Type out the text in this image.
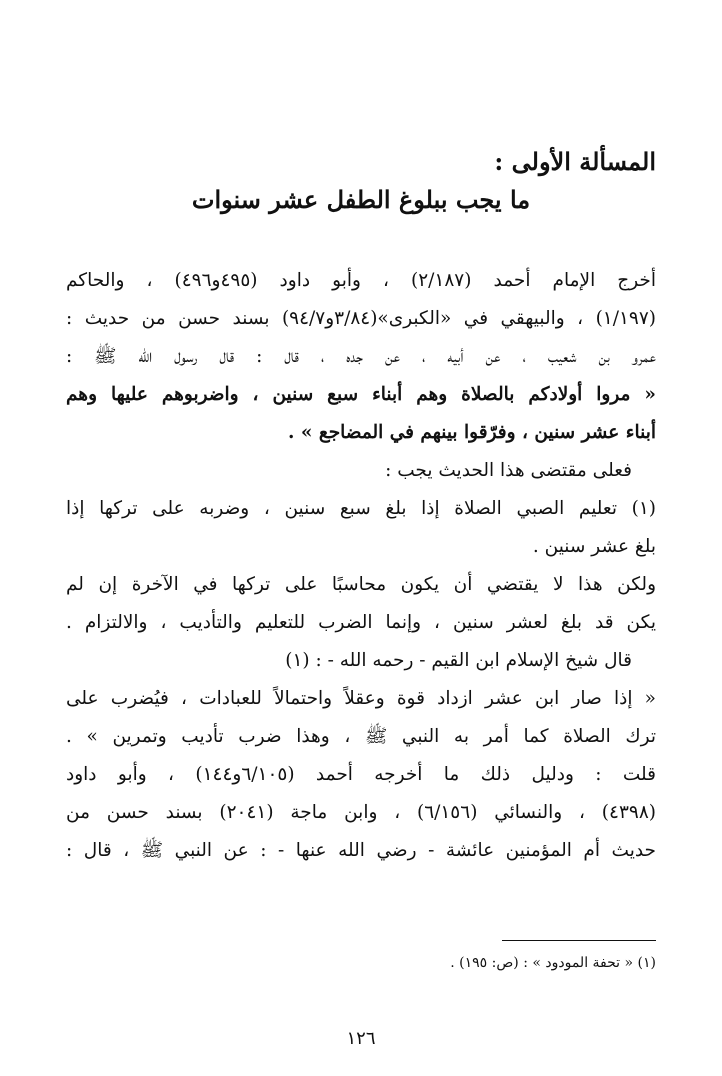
المسألة الأولى :
ما يجب ببلوغ الطفل عشر سنوات
أخرج الإمام أحمد (٢/١٨٧) ، وأبو داود (٤٩٥و٤٩٦) ، والحاكم
(١/١٩٧) ، والبيهقي في «الكبرى»(٣/٨٤و٩٤/٧) بسند حسن من حديث :
عمرو بن شعيب ، عن أبيه ، عن جده ، قال : قال رسول الله ﷺ :
« مروا أولادكم بالصلاة وهم أبناء سبع سنين ، واضربوهم عليها وهم
أبناء عشر سنين ، وفرّقوا بينهم في المضاجع » .
فعلى مقتضى هذا الحديث يجب :
(١) تعليم الصبي الصلاة إذا بلغ سبع سنين ، وضربه على تركها إذا
بلغ عشر سنين .
ولكن هذا لا يقتضي أن يكون محاسبًا على تركها في الآخرة إن لم
يكن قد بلغ لعشر سنين ، وإنما الضرب للتعليم والتأديب ، والالتزام .
قال شيخ الإسلام ابن القيم - رحمه الله - : (١)
« إذا صار ابن عشر ازداد قوة وعقلاً واحتمالاً للعبادات ، فيُضرب على
ترك الصلاة كما أمر به النبي ﷺ ، وهذا ضرب تأديب وتمرين » .
قلت : ودليل ذلك ما أخرجه أحمد (٦/١٠٥و١٤٤) ، وأبو داود
(٤٣٩٨) ، والنسائي (٦/١٥٦) ، وابن ماجة (٢٠٤١) بسند حسن من
حديث أم المؤمنين عائشة - رضي الله عنها - : عن النبي ﷺ ، قال :
(١) « تحفة المودود » : (ص: ١٩٥) .
١٢٦
